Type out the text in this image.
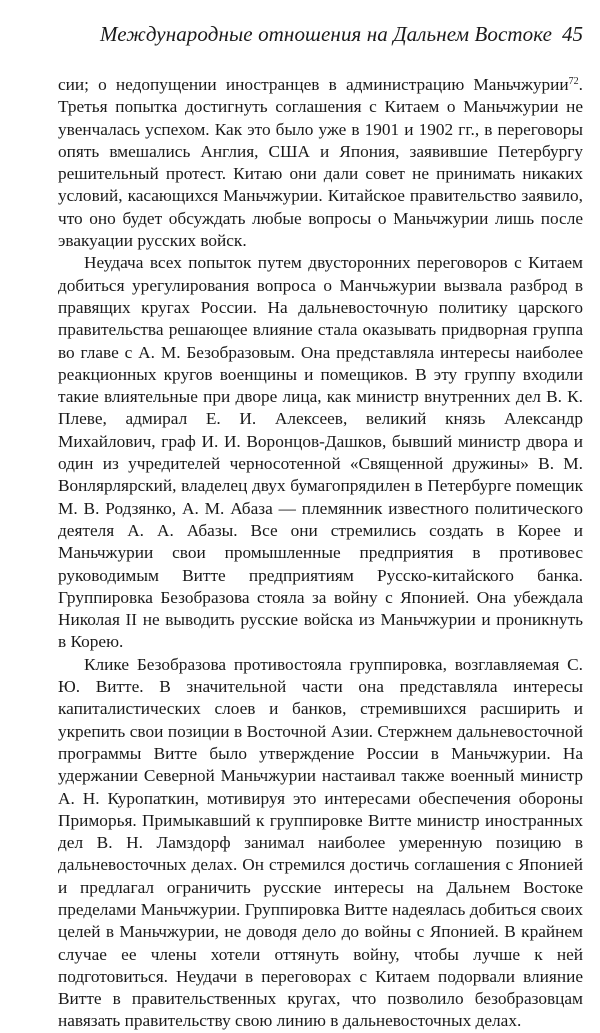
Международные отношения на Дальнем Востоке 45

сии; о недопущении иностранцев в администрацию Маньчжурии$^{72}$. Третья попытка достигнуть соглашения с Китаем о Маньчжурии не увенчалась успехом. Как это было уже в 1901 и 1902 гг., в переговоры опять вмешались Англия, США и Япония, заявившие Петербургу решительный протест. Китаю они дали совет не принимать никаких условий, касающихся Маньчжурии. Китайское правительство заявило, что оно будет обсуждать любые вопросы о Маньчжурии лишь после эвакуации русских войск.

Неудача всех попыток путем двусторонних переговоров с Китаем добиться урегулирования вопроса о Манчьжурии вызвала разброд в правящих кругах России. На дальневосточную политику царского правительства решающее влияние стала оказывать придворная группа во главе с А. М. Безобразовым. Она представляла интересы наиболее реакционных кругов военщины и помещиков. В эту группу входили такие влиятельные при дворе лица, как министр внутренних дел В. К. Плеве, адмирал Е. И. Алексеев, великий князь Александр Михайлович, граф И. И. Воронцов-Дашков, бывший министр двора и один из учредителей черносотенной «Священной дружины» В. М. Вонлярлярский, владелец двух бумагопрядилен в Петербурге помещик М. В. Родзянко, А. М. Абаза — племянник известного политического деятеля А. А. Абазы. Все они стремились создать в Корее и Маньчжурии свои промышленные предприятия в противовес руководимым Витте предприятиям Русско-китайского банка. Группировка Безобразова стояла за войну с Японией. Она убеждала Николая II не выводить русские войска из Маньчжурии и проникнуть в Корею.

Клике Безобразова противостояла группировка, возглавляемая С. Ю. Витте. В значительной части она представляла интересы капиталистических слоев и банков, стремившихся расширить и укрепить свои позиции в Восточной Азии. Стержнем дальневосточной программы Витте было утверждение России в Маньчжурии. На удержании Северной Маньчжурии настаивал также военный министр А. Н. Куропаткин, мотивируя это интересами обеспечения обороны Приморья. Примыкавший к группировке Витте министр иностранных дел В. Н. Ламздорф занимал наиболее умеренную позицию в дальневосточных делах. Он стремился достичь соглашения с Японией и предлагал ограничить русские интересы на Дальнем Востоке пределами Маньчжурии. Группировка Витте надеялась добиться своих целей в Маньчжурии, не доводя дело до войны с Японией. В крайнем случае ее члены хотели оттянуть войну, чтобы лучше к ней подготовиться. Неудачи в переговорах с Китаем подорвали влияние Витте в правительственных кругах, что позволило безобразовцам навязать правительству свою линию в дальневосточных делах.
